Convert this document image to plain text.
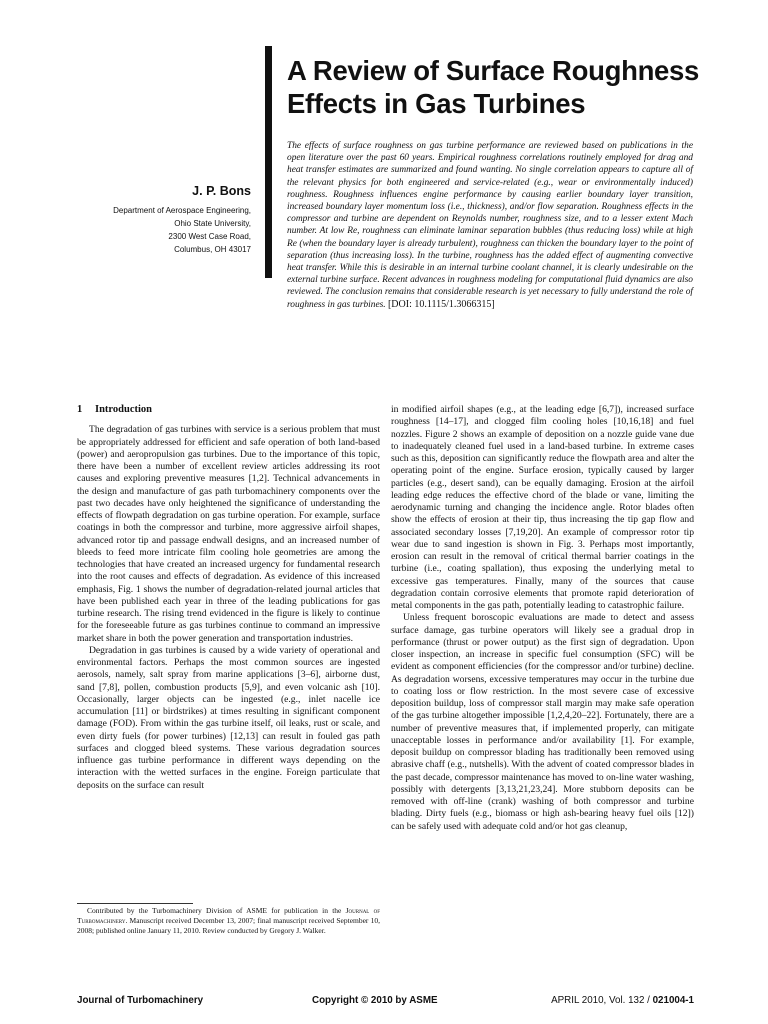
A Review of Surface Roughness Effects in Gas Turbines
J. P. Bons
Department of Aerospace Engineering,
Ohio State University,
2300 West Case Road,
Columbus, OH 43017
The effects of surface roughness on gas turbine performance are reviewed based on publications in the open literature over the past 60 years. Empirical roughness correlations routinely employed for drag and heat transfer estimates are summarized and found wanting. No single correlation appears to capture all of the relevant physics for both engineered and service-related (e.g., wear or environmentally induced) roughness. Roughness influences engine performance by causing earlier boundary layer transition, increased boundary layer momentum loss (i.e., thickness), and/or flow separation. Roughness effects in the compressor and turbine are dependent on Reynolds number, roughness size, and to a lesser extent Mach number. At low Re, roughness can eliminate laminar separation bubbles (thus reducing loss) while at high Re (when the boundary layer is already turbulent), roughness can thicken the boundary layer to the point of separation (thus increasing loss). In the turbine, roughness has the added effect of augmenting convective heat transfer. While this is desirable in an internal turbine coolant channel, it is clearly undesirable on the external turbine surface. Recent advances in roughness modeling for computational fluid dynamics are also reviewed. The conclusion remains that considerable research is yet necessary to fully understand the role of roughness in gas turbines. [DOI: 10.1115/1.3066315]
1 Introduction

The degradation of gas turbines with service is a serious problem that must be appropriately addressed for efficient and safe operation of both land-based (power) and aeropropulsion gas turbines. Due to the importance of this topic, there have been a number of excellent review articles addressing its root causes and exploring preventive measures [1,2]. Technical advancements in the design and manufacture of gas path turbomachinery components over the past two decades have only heightened the significance of understanding the effects of flowpath degradation on gas turbine operation. For example, surface coatings in both the compressor and turbine, more aggressive airfoil shapes, advanced rotor tip and passage endwall designs, and an increased number of bleeds to feed more intricate film cooling hole geometries are among the technologies that have created an increased urgency for fundamental research into the root causes and effects of degradation. As evidence of this increased emphasis, Fig. 1 shows the number of degradation-related journal articles that have been published each year in three of the leading publications for gas turbine research. The rising trend evidenced in the figure is likely to continue for the foreseeable future as gas turbines continue to command an impressive market share in both the power generation and transportation industries.

Degradation in gas turbines is caused by a wide variety of operational and environmental factors. Perhaps the most common sources are ingested aerosols, namely, salt spray from marine applications [3–6], airborne dust, sand [7,8], pollen, combustion products [5,9], and even volcanic ash [10]. Occasionally, larger objects can be ingested (e.g., inlet nacelle ice accumulation [11] or birdstrikes) at times resulting in significant component damage (FOD). From within the gas turbine itself, oil leaks, rust or scale, and even dirty fuels (for power turbines) [12,13] can result in fouled gas path surfaces and clogged bleed systems. These various degradation sources influence gas turbine performance in different ways depending on the interaction with the wetted surfaces in the engine. Foreign particulate that deposits on the surface can result

in modified airfoil shapes (e.g., at the leading edge [6,7]), increased surface roughness [14–17], and clogged film cooling holes [10,16,18] and fuel nozzles. Figure 2 shows an example of deposition on a nozzle guide vane due to inadequately cleaned fuel used in a land-based turbine. In extreme cases such as this, deposition can significantly reduce the flowpath area and alter the operating point of the engine. Surface erosion, typically caused by larger particles (e.g., desert sand), can be equally damaging. Erosion at the airfoil leading edge reduces the effective chord of the blade or vane, limiting the aerodynamic turning and changing the incidence angle. Rotor blades often show the effects of erosion at their tip, thus increasing the tip gap flow and associated secondary losses [7,19,20]. An example of compressor rotor tip wear due to sand ingestion is shown in Fig. 3. Perhaps most importantly, erosion can result in the removal of critical thermal barrier coatings in the turbine (i.e., coating spallation), thus exposing the underlying metal to excessive gas temperatures. Finally, many of the sources that cause degradation contain corrosive elements that promote rapid deterioration of metal components in the gas path, potentially leading to catastrophic failure.

Unless frequent boroscopic evaluations are made to detect and assess surface damage, gas turbine operators will likely see a gradual drop in performance (thrust or power output) as the first sign of degradation. Upon closer inspection, an increase in specific fuel consumption (SFC) will be evident as component efficiencies (for the compressor and/or turbine) decline. As degradation worsens, excessive temperatures may occur in the turbine due to coating loss or flow restriction. In the most severe case of excessive deposition buildup, loss of compressor stall margin may make safe operation of the gas turbine altogether impossible [1,2,4,20–22]. Fortunately, there are a number of preventive measures that, if implemented properly, can mitigate unacceptable losses in performance and/or availability [1]. For example, deposit buildup on compressor blading has traditionally been removed using abrasive chaff (e.g., nutshells). With the advent of coated compressor blades in the past decade, compressor maintenance has moved to on-line water washing, possibly with detergents [3,13,21,23,24]. More stubborn deposits can be removed with off-line (crank) washing of both compressor and turbine blading. Dirty fuels (e.g., biomass or high ash-bearing heavy fuel oils [12]) can be safely used with adequate cold and/or hot gas cleanup,

Contributed by the Turbomachinery Division of ASME for publication in the Journal of Turbomachinery. Manuscript received December 13, 2007; final manuscript received September 10, 2008; published online January 11, 2010. Review conducted by Gregory J. Walker.
Journal of Turbomachinery	Copyright © 2010 by ASME	APRIL 2010, Vol. 132 / 021004-1
